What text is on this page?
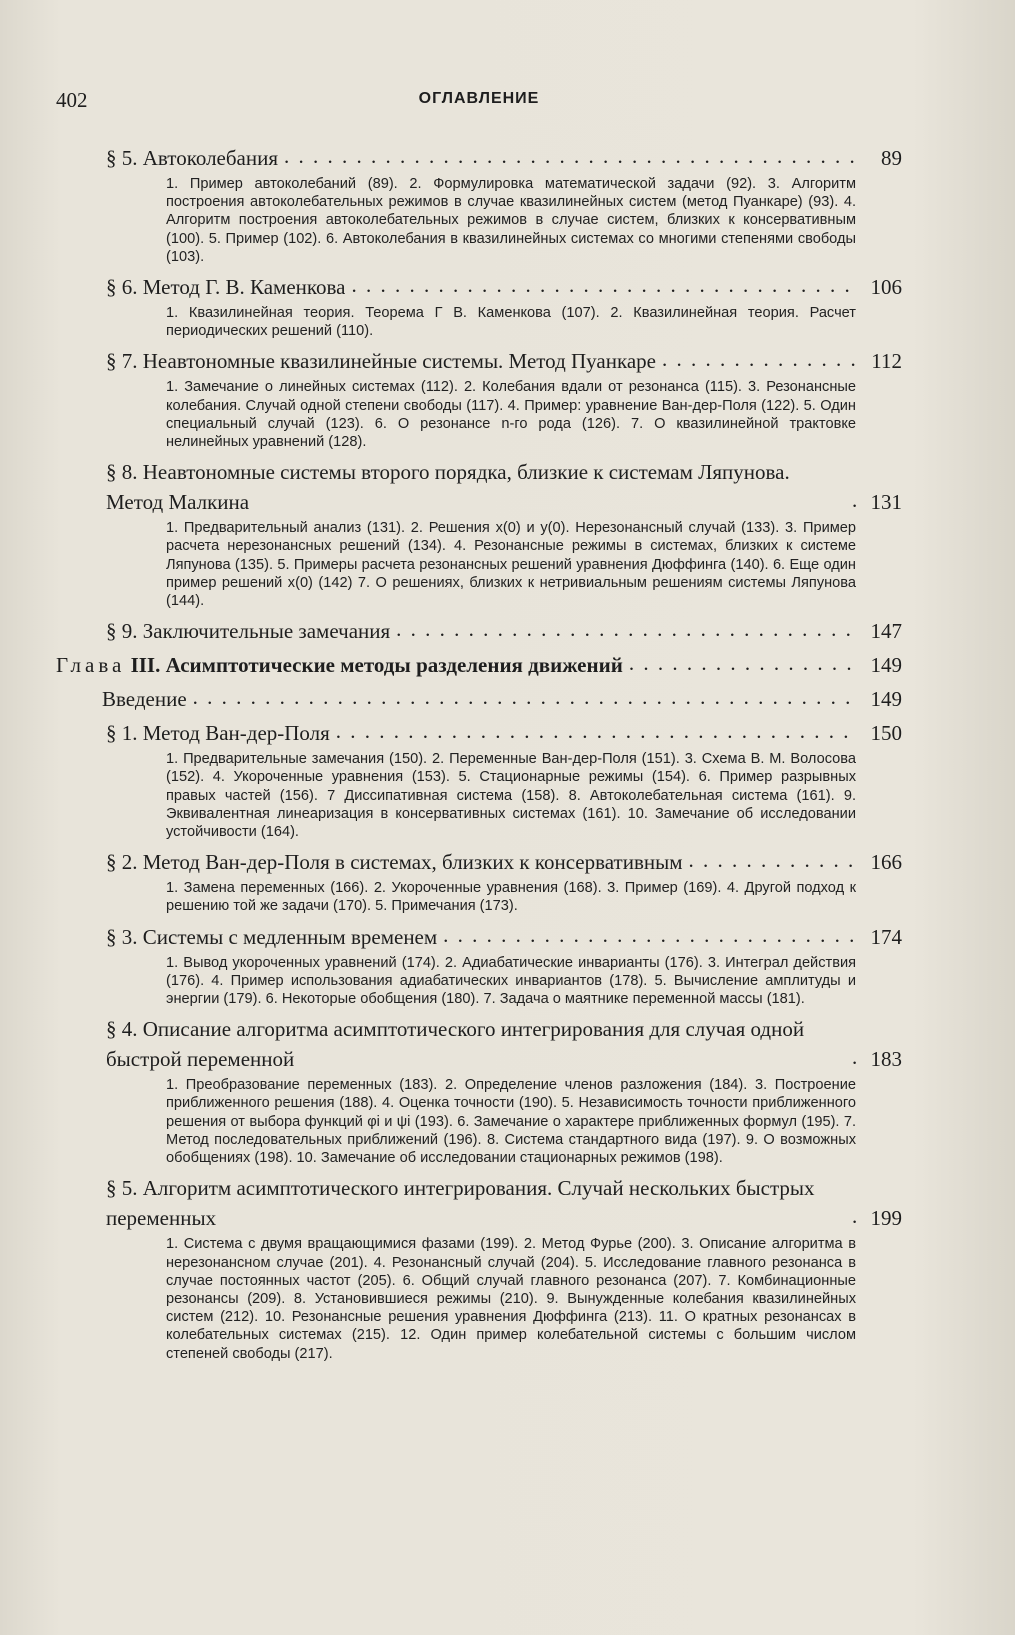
402	ОГЛАВЛЕНИЕ
§ 5. Автоколебания . . .	89
1. Пример автоколебаний (89). 2. Формулировка математической задачи (92). 3. Алгоритм построения автоколебательных режимов в случае квазилинейных систем (метод Пуанкаре) (93). 4. Алгоритм построения автоколебательных режимов в случае систем, близких к консервативным (100). 5. Пример (102). 6. Автоколебания в квазилинейных системах со многими степенями свободы (103).
§ 6. Метод Г. В. Каменкова . . .	106
1. Квазилинейная теория. Теорема Г В. Каменкова (107). 2. Квазилинейная теория. Расчет периодических решений (110).
§ 7. Неавтономные квазилинейные системы. Метод Пуанкаре . . .	112
1. Замечание о линейных системах (112). 2. Колебания вдали от резонанса (115). 3. Резонансные колебания. Случай одной степени свободы (117). 4. Пример: уравнение Ван-дер-Поля (122). 5. Один специальный случай (123). 6. О резонансе n-го рода (126). 7. О квазилинейной трактовке нелинейных уравнений (128).
§ 8. Неавтономные системы второго порядка, близкие к системам Ляпунова. Метод Малкина . . .	131
1. Предварительный анализ (131). 2. Решения x(0) и y(0). Нерезонансный случай (133). 3. Пример расчета нерезонансных решений (134). 4. Резонансные режимы в системах, близких к системе Ляпунова (135). 5. Примеры расчета резонансных решений уравнения Дюффинга (140). 6. Еще один пример решений x(0) (142) 7. О решениях, близких к нетривиальным решениям системы Ляпунова (144).
§ 9. Заключительные замечания . . .	147
Глава III. Асимптотические методы разделения движений . . .	149
Введение . . .	149
§ 1. Метод Ван-дер-Поля . . .	150
1. Предварительные замечания (150). 2. Переменные Ван-дер-Поля (151). 3. Схема В. М. Волосова (152). 4. Укороченные уравнения (153). 5. Стационарные режимы (154). 6. Пример разрывных правых частей (156). 7 Диссипативная система (158). 8. Автоколебательная система (161). 9. Эквивалентная линеаризация в консервативных системах (161). 10. Замечание об исследовании устойчивости (164).
§ 2. Метод Ван-дер-Поля в системах, близких к консервативным . . .	166
1. Замена переменных (166). 2. Укороченные уравнения (168). 3. Пример (169). 4. Другой подход к решению той же задачи (170). 5. Примечания (173).
§ 3. Системы с медленным временем . . .	174
1. Вывод укороченных уравнений (174). 2. Адиабатические инварианты (176). 3. Интеграл действия (176). 4. Пример использования адиабатических инвариантов (178). 5. Вычисление амплитуды и энергии (179). 6. Некоторые обобщения (180). 7. Задача о маятнике переменной массы (181).
§ 4. Описание алгоритма асимптотического интегрирования для случая одной быстрой переменной . . .	183
1. Преобразование переменных (183). 2. Определение членов разложения (184). 3. Построение приближенного решения (188). 4. Оценка точности (190). 5. Независимость точности приближенного решения от выбора функций φi и ψi (193). 6. Замечание о характере приближенных формул (195). 7. Метод последовательных приближений (196). 8. Система стандартного вида (197). 9. О возможных обобщениях (198). 10. Замечание об исследовании стационарных режимов (198).
§ 5. Алгоритм асимптотического интегрирования. Случай нескольких быстрых переменных . . .	199
1. Система с двумя вращающимися фазами (199). 2. Метод Фурье (200). 3. Описание алгоритма в нерезонансном случае (201). 4. Резонансный случай (204). 5. Исследование главного резонанса в случае постоянных частот (205). 6. Общий случай главного резонанса (207). 7. Комбинационные резонансы (209). 8. Установившиеся режимы (210). 9. Вынужденные колебания квазилинейных систем (212). 10. Резонансные решения уравнения Дюффинга (213). 11. О кратных резонансах в колебательных системах (215). 12. Один пример колебательной системы с большим числом степеней свободы (217).
